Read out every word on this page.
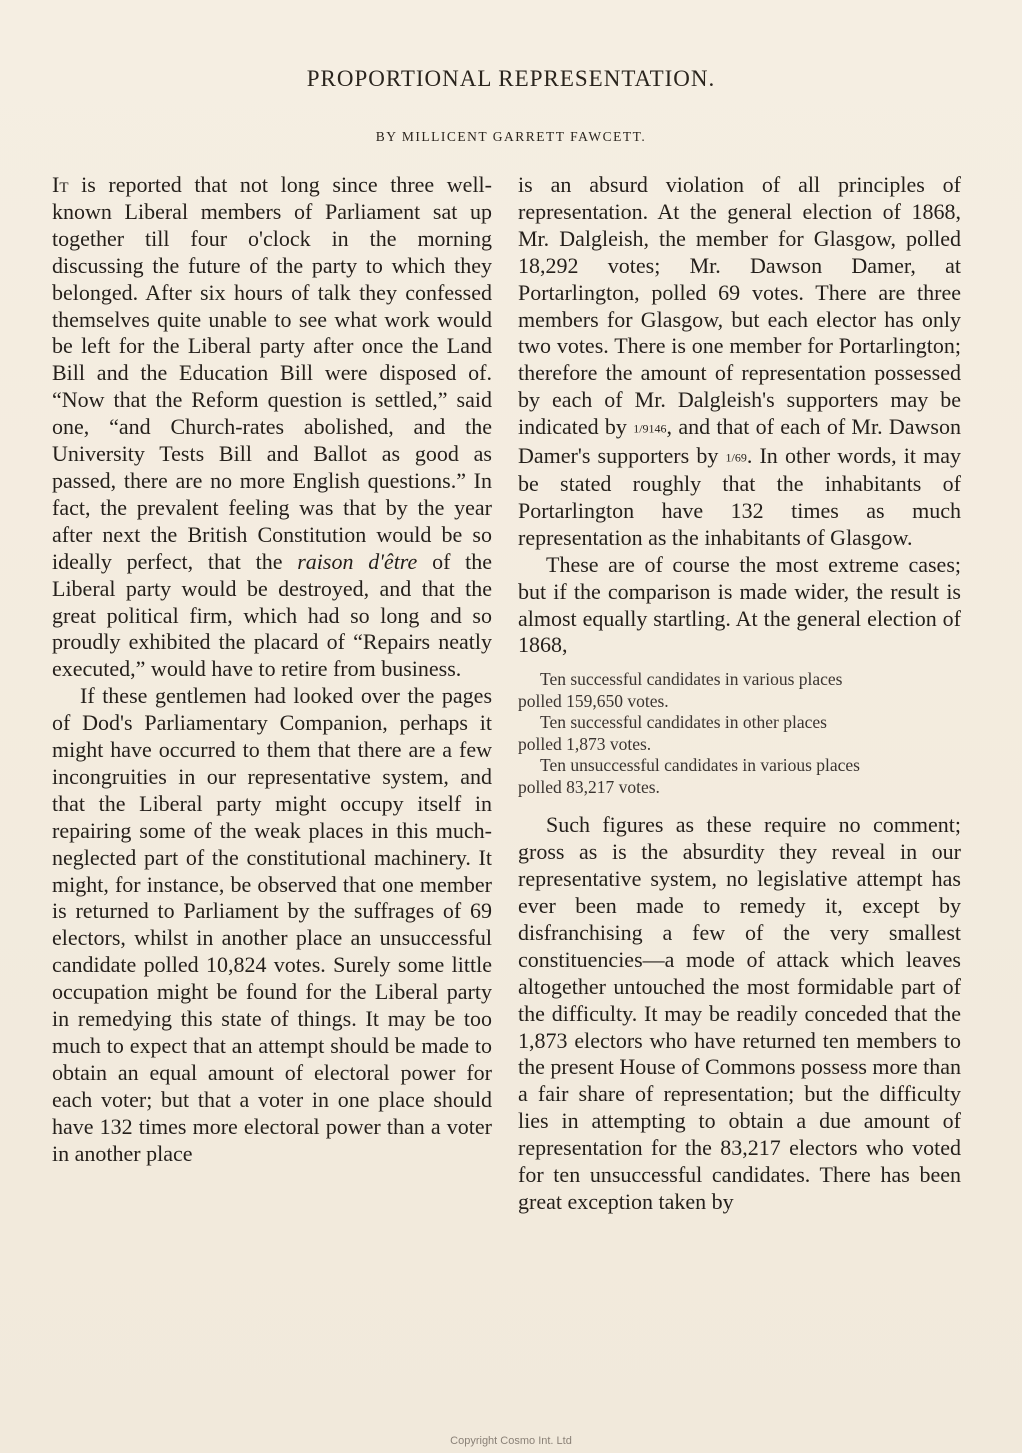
PROPORTIONAL REPRESENTATION.
BY MILLICENT GARRETT FAWCETT.

It is reported that not long since three well-known Liberal members of Parliament sat up together till four o'clock in the morning discussing the future of the party to which they belonged. After six hours of talk they confessed themselves quite unable to see what work would be left for the Liberal party after once the Land Bill and the Education Bill were disposed of. “Now that the Reform question is settled,” said one, “and Church-rates abolished, and the University Tests Bill and Ballot as good as passed, there are no more English questions.” In fact, the prevalent feeling was that by the year after next the British Constitution would be so ideally perfect, that the raison d'être of the Liberal party would be destroyed, and that the great political firm, which had so long and so proudly exhibited the placard of “Repairs neatly executed,” would have to retire from business.

If these gentlemen had looked over the pages of Dod's Parliamentary Companion, perhaps it might have occurred to them that there are a few incongruities in our representative system, and that the Liberal party might occupy itself in repairing some of the weak places in this much-neglected part of the constitutional machinery. It might, for instance, be observed that one member is returned to Parliament by the suffrages of 69 electors, whilst in another place an unsuccessful candidate polled 10,824 votes. Surely some little occupation might be found for the Liberal party in remedying this state of things. It may be too much to expect that an attempt should be made to obtain an equal amount of electoral power for each voter; but that a voter in one place should have 132 times more electoral power than a voter in another place

is an absurd violation of all principles of representation. At the general election of 1868, Mr. Dalgleish, the member for Glasgow, polled 18,292 votes; Mr. Dawson Damer, at Portarlington, polled 69 votes. There are three members for Glasgow, but each elector has only two votes. There is one member for Portarlington; therefore the amount of representation possessed by each of Mr. Dalgleish's supporters may be indicated by 1/9146, and that of each of Mr. Dawson Damer's supporters by 1/69. In other words, it may be stated roughly that the inhabitants of Portarlington have 132 times as much representation as the inhabitants of Glasgow.

These are of course the most extreme cases; but if the comparison is made wider, the result is almost equally startling. At the general election of 1868,

Ten successful candidates in various places
polled 159,650 votes.

Ten successful candidates in other places
polled 1,873 votes.

Ten unsuccessful candidates in various places
polled 83,217 votes.

Such figures as these require no comment; gross as is the absurdity they reveal in our representative system, no legislative attempt has ever been made to remedy it, except by disfranchising a few of the very smallest constituencies—a mode of attack which leaves altogether untouched the most formidable part of the difficulty. It may be readily conceded that the 1,873 electors who have returned ten members to the present House of Commons possess more than a fair share of representation; but the difficulty lies in attempting to obtain a due amount of representation for the 83,217 electors who voted for ten unsuccessful candidates. There has been great exception taken by

Copyright Cosmo Int. Ltd
